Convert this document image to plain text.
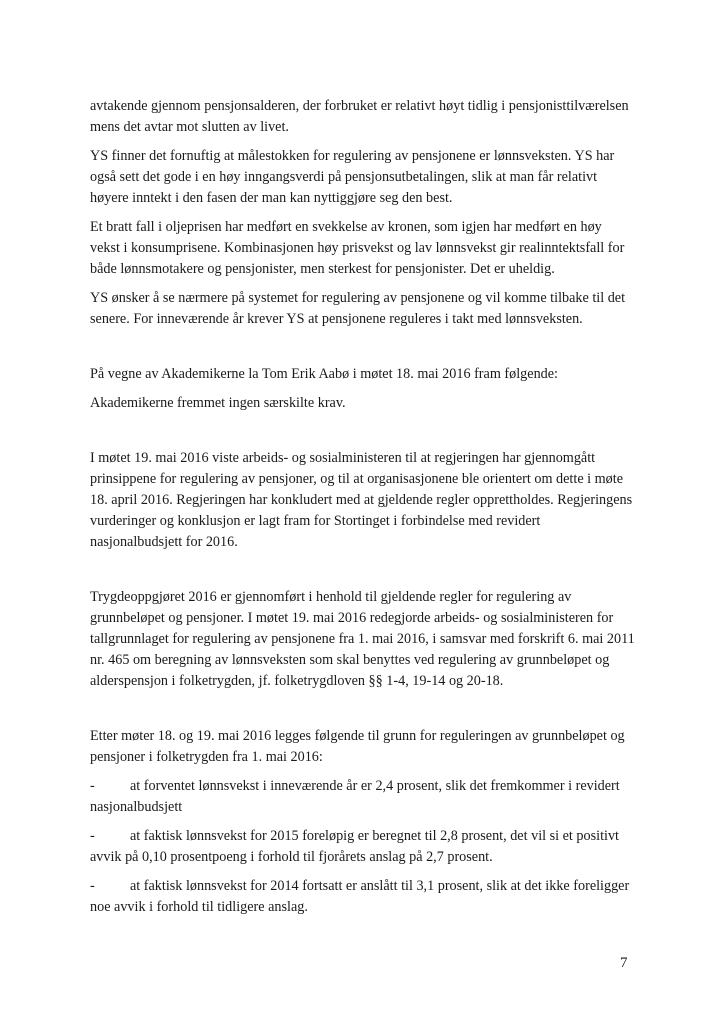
avtakende gjennom pensjonsalderen, der forbruket er relativt høyt tidlig i pensjonisttilværelsen mens det avtar mot slutten av livet.

YS finner det fornuftig at målestokken for regulering av pensjonene er lønnsveksten. YS har også sett det gode i en høy inngangsverdi på pensjonsutbetalingen, slik at man får relativt høyere inntekt i den fasen der man kan nyttiggjøre seg den best.

Et bratt fall i oljeprisen har medført en svekkelse av kronen, som igjen har medført en høy vekst i konsumprisene. Kombinasjonen høy prisvekst og lav lønnsvekst gir realinntektsfall for både lønnsmotakere og pensjonister, men sterkest for pensjonister. Det er uheldig.

YS ønsker å se nærmere på systemet for regulering av pensjonene og vil komme tilbake til det senere. For inneværende år krever YS at pensjonene reguleres i takt med lønnsveksten.

På vegne av Akademikerne la Tom Erik Aabø i møtet 18. mai 2016 fram følgende:

Akademikerne fremmet ingen særskilte krav.

I møtet 19. mai 2016 viste arbeids- og sosialministeren til at regjeringen har gjennomgått prinsippene for regulering av pensjoner, og til at organisasjonene ble orientert om dette i møte 18. april 2016. Regjeringen har konkludert med at gjeldende regler opprettholdes. Regjeringens vurderinger og konklusjon er lagt fram for Stortinget i forbindelse med revidert nasjonalbudsjett for 2016.

Trygdeoppgjøret 2016 er gjennomført i henhold til gjeldende regler for regulering av grunnbeløpet og pensjoner. I møtet 19. mai 2016 redegjorde arbeids- og sosialministeren for tallgrunnlaget for regulering av pensjonene fra 1. mai 2016, i samsvar med forskrift 6. mai 2011 nr. 465 om beregning av lønnsveksten som skal benyttes ved regulering av grunnbeløpet og alderspensjon i folketrygden, jf. folketrygdloven §§ 1-4, 19-14 og 20-18.

Etter møter 18. og 19. mai 2016 legges følgende til grunn for reguleringen av grunnbeløpet og pensjoner i folketrygden fra 1. mai 2016:

- at forventet lønnsvekst i inneværende år er 2,4 prosent, slik det fremkommer i revidert nasjonalbudsjett
- at faktisk lønnsvekst for 2015 foreløpig er beregnet til 2,8 prosent, det vil si et positivt avvik på 0,10 prosentpoeng i forhold til fjorårets anslag på 2,7 prosent.
- at faktisk lønnsvekst for 2014 fortsatt er anslått til 3,1 prosent, slik at det ikke foreligger noe avvik i forhold til tidligere anslag.
7
